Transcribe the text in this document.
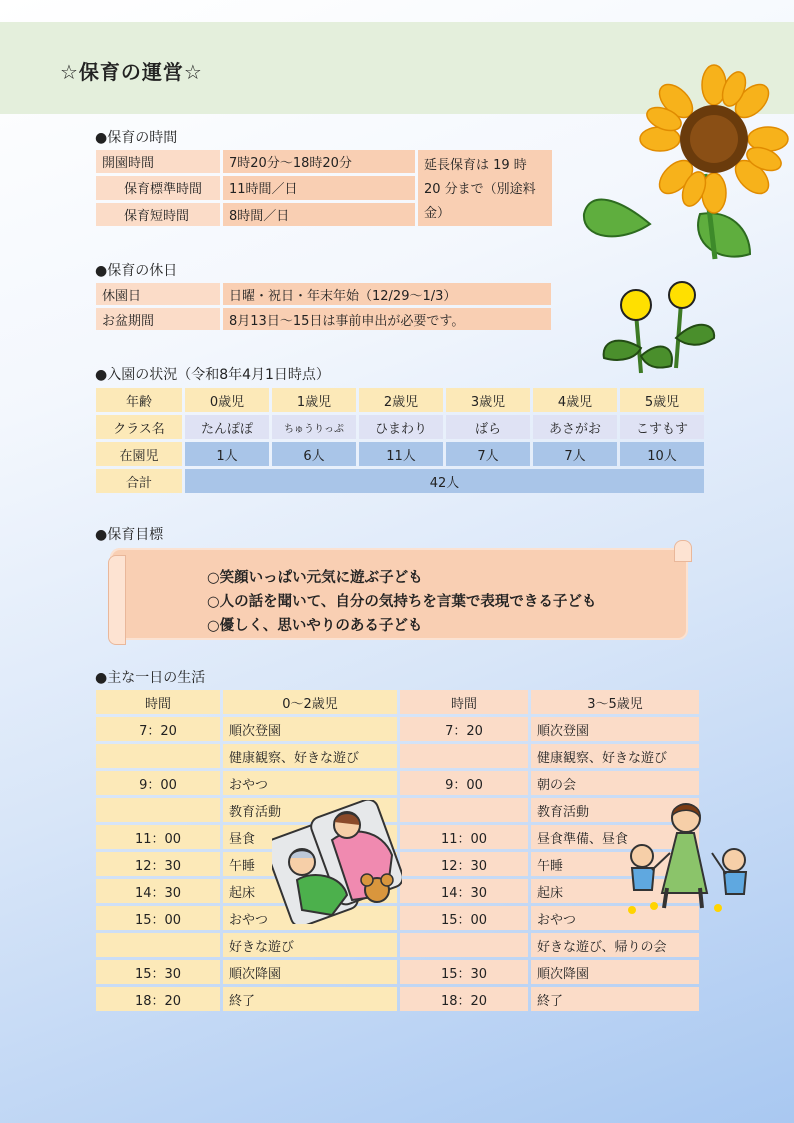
☆保育の運営☆
●保育の時間
開園時間	7時20分～18時20分	延長保育は 19 時 20 分まで（別途料金）
保育標準時間	11時間／日	
保育短時間	8時間／日	
●保育の休日
休園日	日曜・祝日・年末年始（12/29～1/3）
お盆期間	8月13日～15日は事前申出が必要です。
●入園の状況（令和8年4月1日時点）
年齢	0歳児	1歳児	2歳児	3歳児	4歳児	5歳児
クラス名	たんぽぽ	ちゅうりっぷ	ひまわり	ばら	あさがお	こすもす
在園児	1人	6人	11人	7人	7人	10人
合計	42人					
●保育目標
○笑顔いっぱい元気に遊ぶ子ども
○人の話を聞いて、自分の気持ちを言葉で表現できる子ども
○優しく、思いやりのある子ども
●主な一日の生活
時間	0～2歳児	時間	3～5歳児
7：20	順次登園	7：20	順次登園
	健康観察、好きな遊び		健康観察、好きな遊び
9：00	おやつ	9：00	朝の会
	教育活動		教育活動
11：00	昼食	11：00	昼食準備、昼食
12：30	午睡	12：30	午睡
14：30	起床	14：30	起床
15：00	おやつ	15：00	おやつ
	好きな遊び		好きな遊び、帰りの会
15：30	順次降園	15：30	順次降園
18：20	終了	18：20	終了
